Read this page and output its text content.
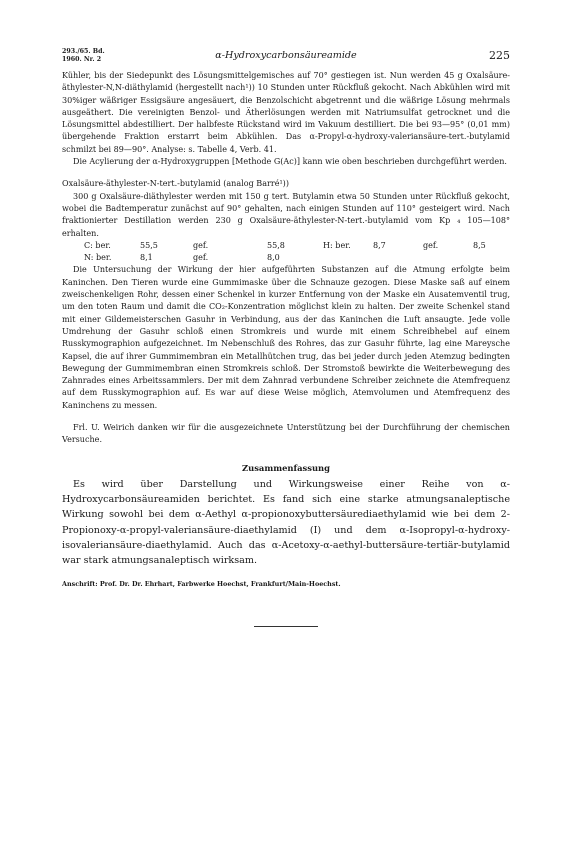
293./65. Bd.
1960. Nr. 2	α-Hydroxycarbonsäureamide	225

Kühler, bis der Siedepunkt des Lösungsmittelgemisches auf 70° gestiegen ist. Nun werden 45 g Oxalsäure-äthylester-N,N-diäthylamid (hergestellt nach¹)) 10 Stunden unter Rückfluß gekocht. Nach Abkühlen wird mit 30%iger wäßriger Essigsäure angesäuert, die Benzolschicht abgetrennt und die wäßrige Lösung mehrmals ausgeäthert. Die vereinigten Benzol- und Ätherlösungen werden mit Natriumsulfat getrocknet und die Lösungsmittel abdestilliert. Der halbfeste Rückstand wird im Vakuum destilliert. Die bei 93—95° (0,01 mm) übergehende Fraktion erstarrt beim Abkühlen. Das α-Propyl-α-hydroxy-valeriansäure-tert.-butylamid schmilzt bei 89—90°. Analyse: s. Tabelle 4, Verb. 41.

Die Acylierung der α-Hydroxygruppen [Methode G(Ac)] kann wie oben beschrieben durchgeführt werden.

Oxalsäure-äthylester-N-tert.-butylamid (analog Barré¹))

300 g Oxalsäure-diäthylester werden mit 150 g tert. Butylamin etwa 50 Stunden unter Rückfluß gekocht, wobei die Badtemperatur zunächst auf 90° gehalten, nach einigen Stunden auf 110° gesteigert wird. Nach fraktionierter Destillation werden 230 g Oxalsäure-äthylester-N-tert.-butylamid vom Kp ₄ 105—108° erhalten.

C: ber.	55,5	gef.	55,8	H: ber.	8,7	gef.	8,5
N: ber.	8,1	gef.	8,0

Die Untersuchung der Wirkung der hier aufgeführten Substanzen auf die Atmung erfolgte beim Kaninchen. Den Tieren wurde eine Gummimaske über die Schnauze gezogen. Diese Maske saß auf einem zweischenkeligen Rohr, dessen einer Schenkel in kurzer Entfernung von der Maske ein Ausatemventil trug, um den toten Raum und damit die CO₂-Konzentration möglichst klein zu halten. Der zweite Schenkel stand mit einer Gildemeisterschen Gasuhr in Verbindung, aus der das Kaninchen die Luft ansaugte. Jede volle Umdrehung der Gasuhr schloß einen Stromkreis und wurde mit einem Schreibhebel auf einem Russkymographion aufgezeichnet. Im Nebenschluß des Rohres, das zur Gasuhr führte, lag eine Mareysche Kapsel, die auf ihrer Gummimembran ein Metallhütchen trug, das bei jeder durch jeden Atemzug bedingten Bewegung der Gummimembran einen Stromkreis schloß. Der Stromstoß bewirkte die Weiterbewegung des Zahnrades eines Arbeitssammlers. Der mit dem Zahnrad verbundene Schreiber zeichnete die Atemfrequenz auf dem Russkymographion auf. Es war auf diese Weise möglich, Atemvolumen und Atemfrequenz des Kaninchens zu messen.

Frl. U. Weirich danken wir für die ausgezeichnete Unterstützung bei der Durchführung der chemischen Versuche.

Zusammenfassung

Es wird über Darstellung und Wirkungsweise einer Reihe von α-Hydroxycarbonsäureamiden berichtet. Es fand sich eine starke atmungsanaleptische Wirkung sowohl bei dem α-Aethyl α-propionoxybuttersäurediaethylamid wie bei dem 2-Propionoxy-α-propyl-valeriansäure-diaethylamid (I) und dem α-Isopropyl-α-hydroxy-isovaleriansäure-diaethylamid. Auch das α-Acetoxy-α-aethyl-buttersäure-tertiär-butylamid war stark atmungsanaleptisch wirksam.

Anschrift: Prof. Dr. Dr. Ehrhart, Farbwerke Hoechst, Frankfurt/Main-Hoechst.
